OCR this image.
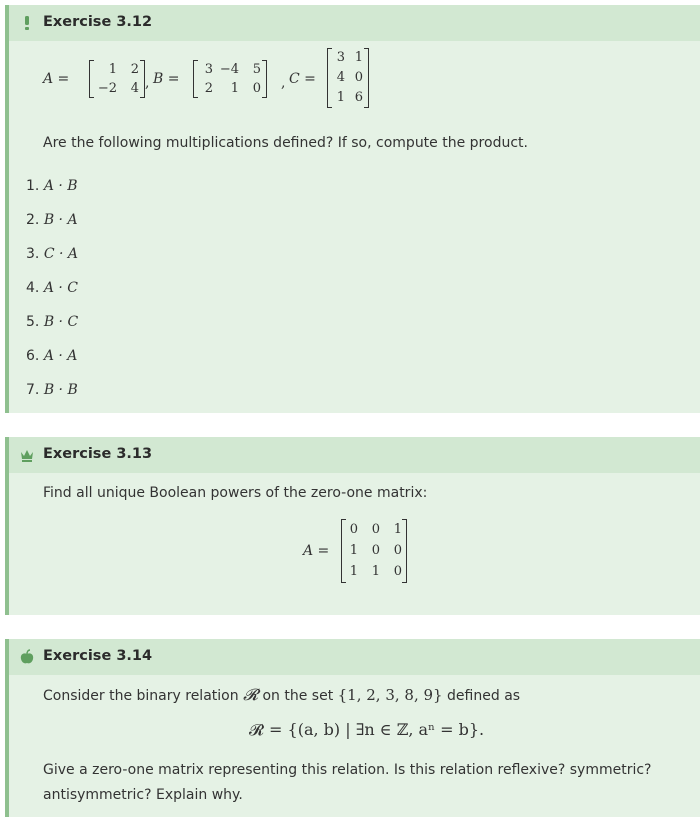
Exercise 3.12
A =
1	2
−2	4 , B =
3 −4	5
2	1	0 , C =
3 1
4 0
1 6
Are the following multiplications defined? If so, compute the product.
1. A · B
2. B · A
3. C · A
4. A · C
5. B · C
6. A · A
7. B · B
Exercise 3.13
Find all unique Boolean powers of the zero-one matrix:
A =
0	0	1
1	0	0
1	1	0
Exercise 3.14
Consider the binary relation 𝓡 on the set {1, 2, 3, 8, 9} defined as
𝓡 = {(a, b) | ∃n ∈ ℤ, aⁿ = b}.
Give a zero-one matrix representing this relation. Is this relation reflexive? symmetric?
antisymmetric? Explain why.
